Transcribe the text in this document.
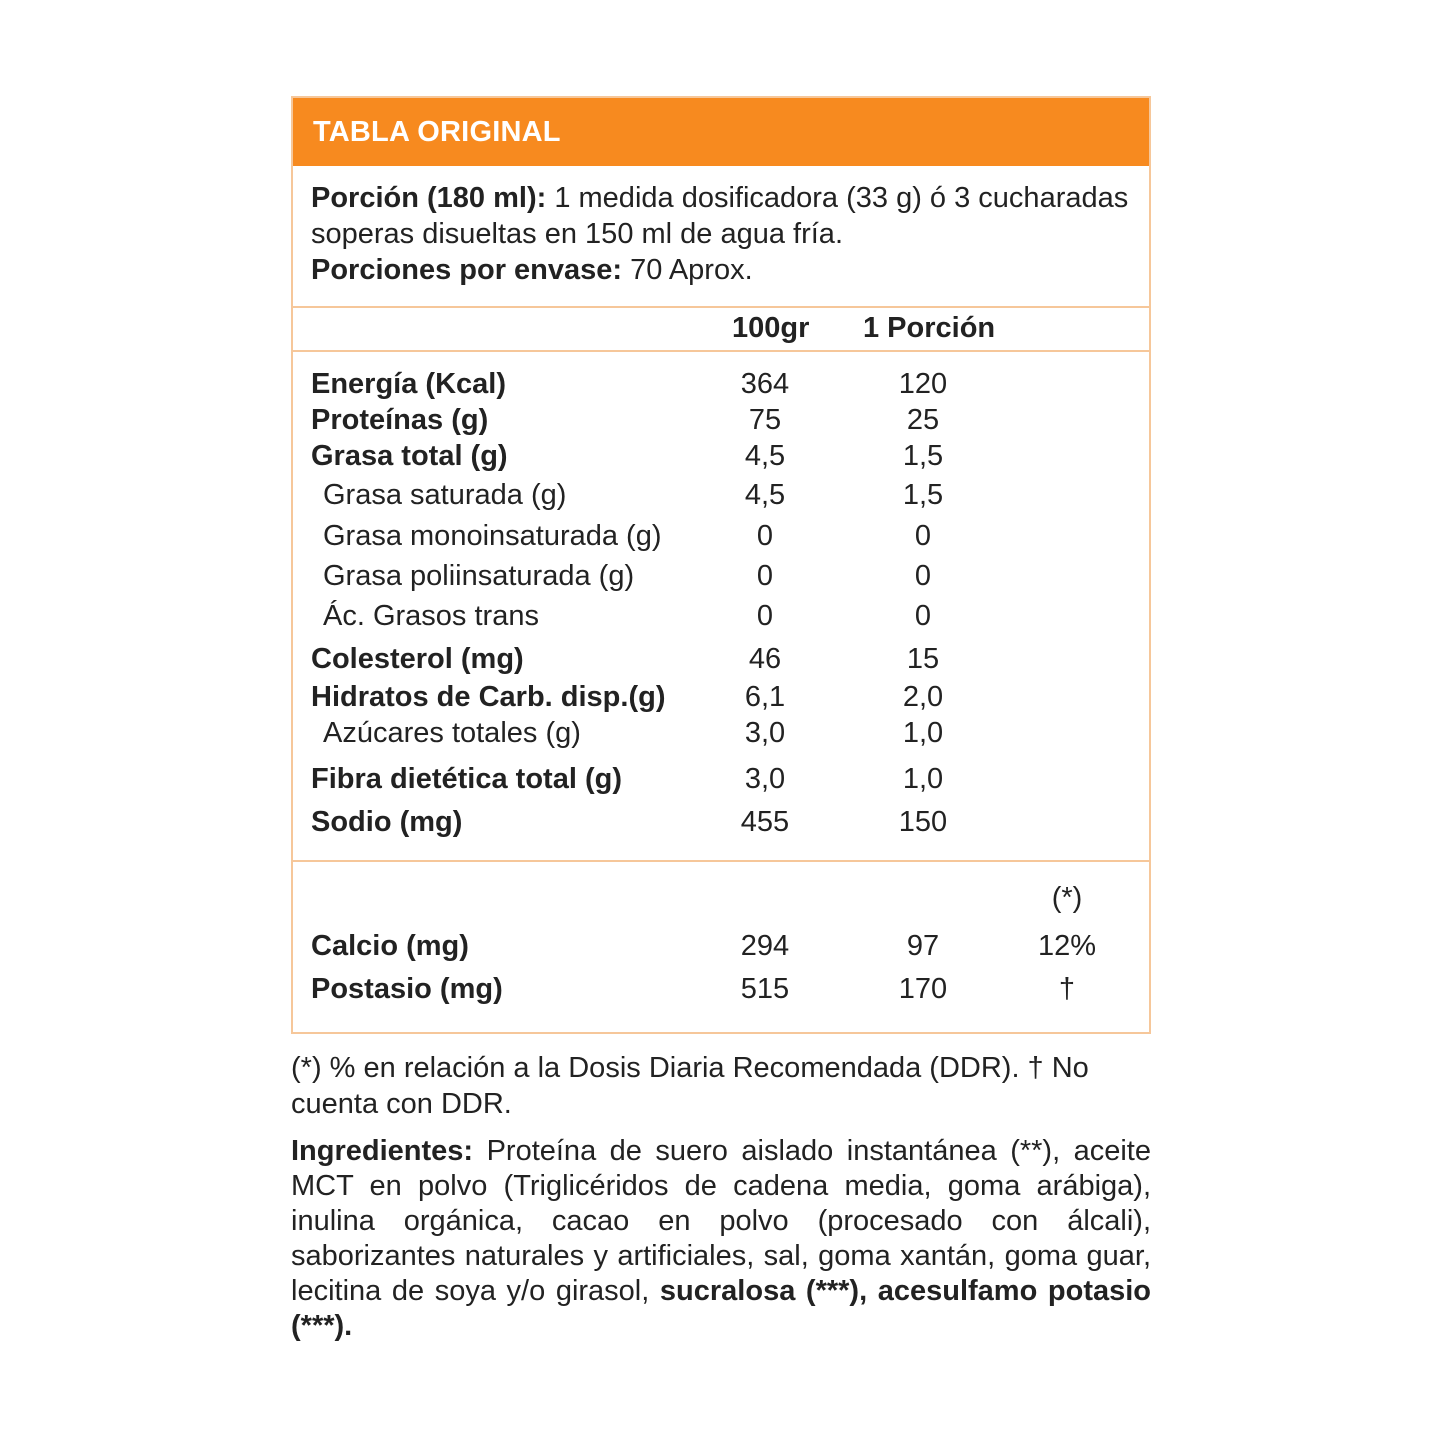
TABLA ORIGINAL
Porción (180 ml): 1 medida dosificadora (33 g) ó 3 cucharadas soperas disueltas en 150 ml de agua fría.
Porciones por envase: 70 Aprox.
100gr 1 Porción
Energía (Kcal)	364	120
Proteínas (g)	75	25
Grasa total (g)	4,5	1,5
Grasa saturada (g)	4,5	1,5
Grasa monoinsaturada (g)	0	0
Grasa poliinsaturada (g)	0	0
Ác. Grasos trans	0	0
Colesterol (mg)	46	15
Hidratos de Carb. disp.(g)	6,1	2,0
Azúcares totales (g)	3,0	1,0
Fibra dietética total (g)	3,0	1,0
Sodio (mg)	455	150
(*)
Calcio (mg)	294	97	12%
Postasio (mg)	515	170	†
(*) % en relación a la Dosis Diaria Recomendada (DDR). † No cuenta con DDR.
Ingredientes: Proteína de suero aislado instantánea (**), aceite MCT en polvo (Triglicéridos de cadena media, goma arábiga), inulina orgánica, cacao en polvo (procesado con álcali), saborizantes naturales y artificiales, sal, goma xantán, goma guar, lecitina de soya y/o girasol, sucralosa (***), acesulfamo potasio (***).
